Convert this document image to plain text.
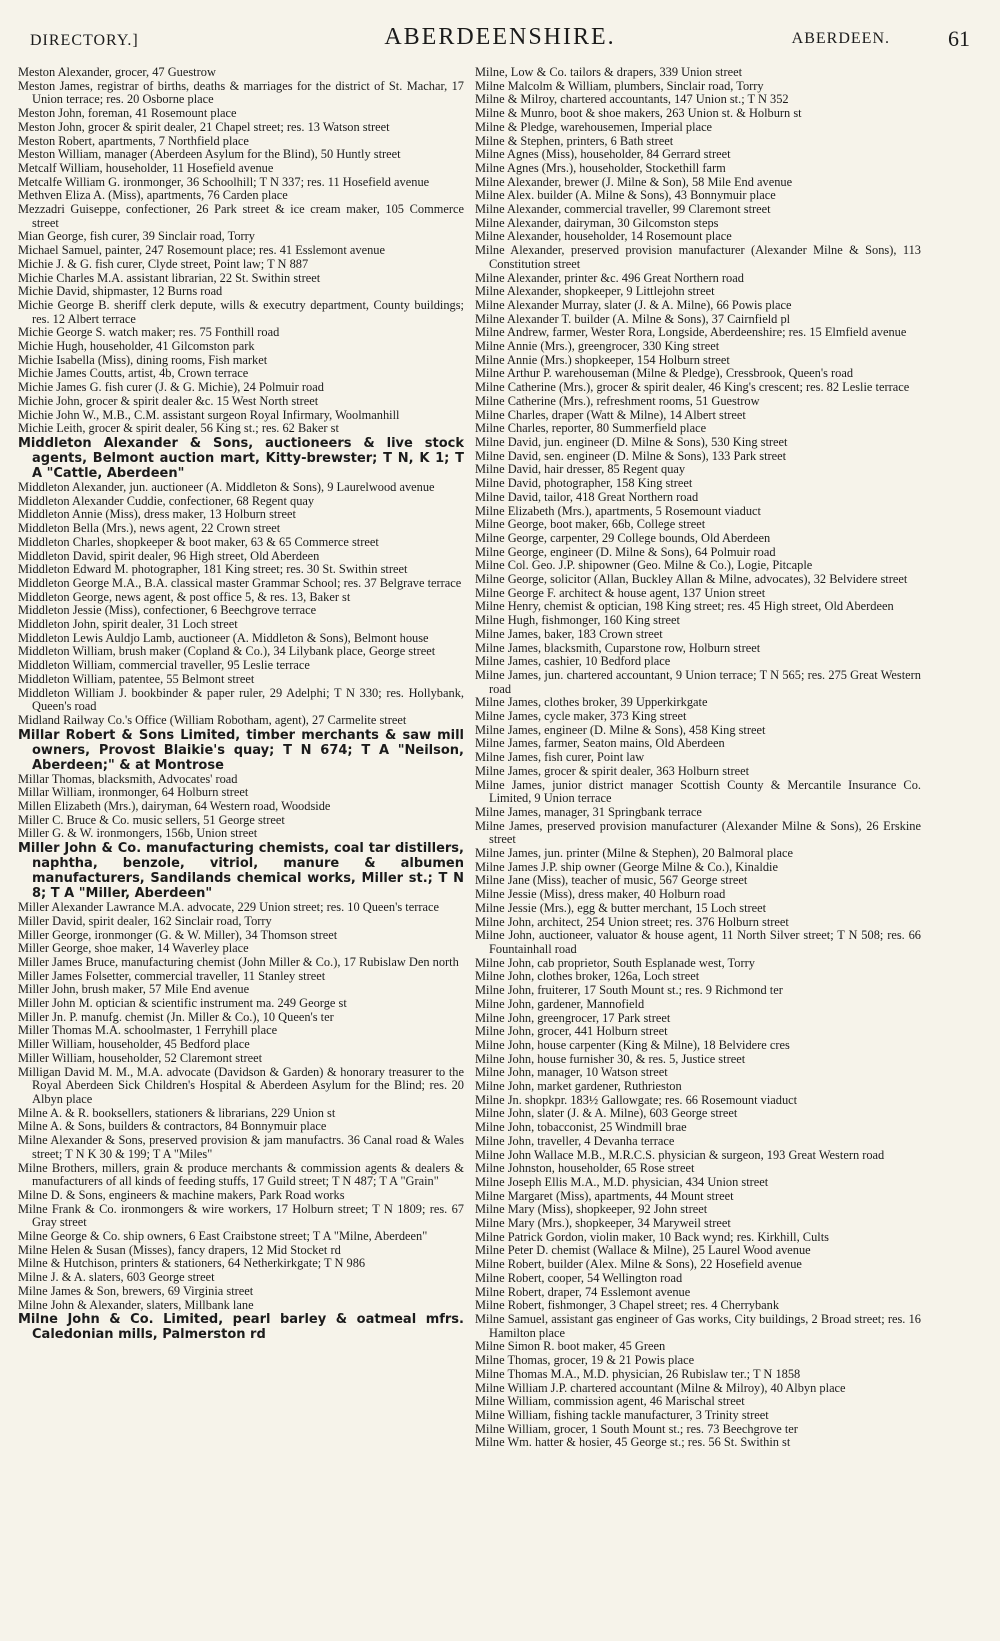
DIRECTORY.]	ABERDEENSHIRE.	ABERDEEN.	61

Meston Alexander, grocer, 47 Guestrow

Meston James, registrar of births, deaths & marriages for the district of St. Machar, 17 Union terrace; res. 20 Osborne place

Meston John, foreman, 41 Rosemount place

Meston John, grocer & spirit dealer, 21 Chapel street; res. 13 Watson street

Meston Robert, apartments, 7 Northfield place

Meston William, manager (Aberdeen Asylum for the Blind), 50 Huntly street

Metcalf William, householder, 11 Hosefield avenue

Metcalfe William G. ironmonger, 36 Schoolhill; T N 337; res. 11 Hosefield avenue

Methven Eliza A. (Miss), apartments, 76 Carden place

Mezzadri Guiseppe, confectioner, 26 Park street & ice cream maker, 105 Commerce street

Mian George, fish curer, 39 Sinclair road, Torry

Michael Samuel, painter, 247 Rosemount place; res. 41 Esslemont avenue

Michie J. & G. fish curer, Clyde street, Point law; T N 887

Michie Charles M.A. assistant librarian, 22 St. Swithin street

Michie David, shipmaster, 12 Burns road

Michie George B. sheriff clerk depute, wills & executry department, County buildings; res. 12 Albert terrace

Michie George S. watch maker; res. 75 Fonthill road

Michie Hugh, householder, 41 Gilcomston park

Michie Isabella (Miss), dining rooms, Fish market

Michie James Coutts, artist, 4b, Crown terrace

Michie James G. fish curer (J. & G. Michie), 24 Polmuir road

Michie John, grocer & spirit dealer &c. 15 West North street

Michie John W., M.B., C.M. assistant surgeon Royal Infirmary, Woolmanhill

Michie Leith, grocer & spirit dealer, 56 King st.; res. 62 Baker st

Middleton Alexander & Sons, auctioneers & live stock agents, Belmont auction mart, Kitty-brewster; T N, K 1; T A "Cattle, Aberdeen"

Middleton Alexander, jun. auctioneer (A. Middleton & Sons), 9 Laurelwood avenue

Middleton Alexander Cuddie, confectioner, 68 Regent quay

Middleton Annie (Miss), dress maker, 13 Holburn street

Middleton Bella (Mrs.), news agent, 22 Crown street

Middleton Charles, shopkeeper & boot maker, 63 & 65 Commerce street

Middleton David, spirit dealer, 96 High street, Old Aberdeen

Middleton Edward M. photographer, 181 King street; res. 30 St. Swithin street

Middleton George M.A., B.A. classical master Grammar School; res. 37 Belgrave terrace

Middleton George, news agent, & post office 5, & res. 13, Baker st

Middleton Jessie (Miss), confectioner, 6 Beechgrove terrace

Middleton John, spirit dealer, 31 Loch street

Middleton Lewis Auldjo Lamb, auctioneer (A. Middleton & Sons), Belmont house

Middleton William, brush maker (Copland & Co.), 34 Lilybank place, George street

Middleton William, commercial traveller, 95 Leslie terrace

Middleton William, patentee, 55 Belmont street

Middleton William J. bookbinder & paper ruler, 29 Adelphi; T N 330; res. Hollybank, Queen's road

Midland Railway Co.'s Office (William Robotham, agent), 27 Carmelite street

Millar Robert & Sons Limited, timber merchants & saw mill owners, Provost Blaikie's quay; T N 674; T A "Neilson, Aberdeen;" & at Montrose

Millar Thomas, blacksmith, Advocates' road

Millar William, ironmonger, 64 Holburn street

Millen Elizabeth (Mrs.), dairyman, 64 Western road, Woodside

Miller C. Bruce & Co. music sellers, 51 George street

Miller G. & W. ironmongers, 156b, Union street

Miller John & Co. manufacturing chemists, coal tar distillers, naphtha, benzole, vitriol, manure & albumen manufacturers, Sandilands chemical works, Miller st.; T N 8; T A "Miller, Aberdeen"

Miller Alexander Lawrance M.A. advocate, 229 Union street; res. 10 Queen's terrace

Miller David, spirit dealer, 162 Sinclair road, Torry

Miller George, ironmonger (G. & W. Miller), 34 Thomson street

Miller George, shoe maker, 14 Waverley place

Miller James Bruce, manufacturing chemist (John Miller & Co.), 17 Rubislaw Den north

Miller James Folsetter, commercial traveller, 11 Stanley street

Miller John, brush maker, 57 Mile End avenue

Miller John M. optician & scientific instrument ma. 249 George st

Miller Jn. P. manufg. chemist (Jn. Miller & Co.), 10 Queen's ter

Miller Thomas M.A. schoolmaster, 1 Ferryhill place

Miller William, householder, 45 Bedford place

Miller William, householder, 52 Claremont street

Milligan David M. M., M.A. advocate (Davidson & Garden) & honorary treasurer to the Royal Aberdeen Sick Children's Hospital & Aberdeen Asylum for the Blind; res. 20 Albyn place

Milne A. & R. booksellers, stationers & librarians, 229 Union st

Milne A. & Sons, builders & contractors, 84 Bonnymuir place

Milne Alexander & Sons, preserved provision & jam manufactrs. 36 Canal road & Wales street; T N K 30 & 199; T A "Miles"

Milne Brothers, millers, grain & produce merchants & commission agents & dealers & manufacturers of all kinds of feeding stuffs, 17 Guild street; T N 487; T A "Grain"

Milne D. & Sons, engineers & machine makers, Park Road works

Milne Frank & Co. ironmongers & wire workers, 17 Holburn street; T N 1809; res. 67 Gray street

Milne George & Co. ship owners, 6 East Craibstone street; T A "Milne, Aberdeen"

Milne Helen & Susan (Misses), fancy drapers, 12 Mid Stocket rd

Milne & Hutchison, printers & stationers, 64 Netherkirkgate; T N 986

Milne J. & A. slaters, 603 George street

Milne James & Son, brewers, 69 Virginia street

Milne John & Alexander, slaters, Millbank lane

Milne John & Co. Limited, pearl barley & oatmeal mfrs. Caledonian mills, Palmerston rd

Milne, Low & Co. tailors & drapers, 339 Union street

Milne Malcolm & William, plumbers, Sinclair road, Torry

Milne & Milroy, chartered accountants, 147 Union st.; T N 352

Milne & Munro, boot & shoe makers, 263 Union st. & Holburn st

Milne & Pledge, warehousemen, Imperial place

Milne & Stephen, printers, 6 Bath street

Milne Agnes (Miss), householder, 84 Gerrard street

Milne Agnes (Mrs.), householder, Stockethill farm

Milne Alexander, brewer (J. Milne & Son), 58 Mile End avenue

Milne Alex. builder (A. Milne & Sons), 43 Bonnymuir place

Milne Alexander, commercial traveller, 99 Claremont street

Milne Alexander, dairyman, 30 Gilcomston steps

Milne Alexander, householder, 14 Rosemount place

Milne Alexander, preserved provision manufacturer (Alexander Milne & Sons), 113 Constitution street

Milne Alexander, printer &c. 496 Great Northern road

Milne Alexander, shopkeeper, 9 Littlejohn street

Milne Alexander Murray, slater (J. & A. Milne), 66 Powis place

Milne Alexander T. builder (A. Milne & Sons), 37 Cairnfield pl

Milne Andrew, farmer, Wester Rora, Longside, Aberdeenshire; res. 15 Elmfield avenue

Milne Annie (Mrs.), greengrocer, 330 King street

Milne Annie (Mrs.) shopkeeper, 154 Holburn street

Milne Arthur P. warehouseman (Milne & Pledge), Cressbrook, Queen's road

Milne Catherine (Mrs.), grocer & spirit dealer, 46 King's crescent; res. 82 Leslie terrace

Milne Catherine (Mrs.), refreshment rooms, 51 Guestrow

Milne Charles, draper (Watt & Milne), 14 Albert street

Milne Charles, reporter, 80 Summerfield place

Milne David, jun. engineer (D. Milne & Sons), 530 King street

Milne David, sen. engineer (D. Milne & Sons), 133 Park street

Milne David, hair dresser, 85 Regent quay

Milne David, photographer, 158 King street

Milne David, tailor, 418 Great Northern road

Milne Elizabeth (Mrs.), apartments, 5 Rosemount viaduct

Milne George, boot maker, 66b, College street

Milne George, carpenter, 29 College bounds, Old Aberdeen

Milne George, engineer (D. Milne & Sons), 64 Polmuir road

Milne Col. Geo. J.P. shipowner (Geo. Milne & Co.), Logie, Pitcaple

Milne George, solicitor (Allan, Buckley Allan & Milne, advocates), 32 Belvidere street

Milne George F. architect & house agent, 137 Union street

Milne Henry, chemist & optician, 198 King street; res. 45 High street, Old Aberdeen

Milne Hugh, fishmonger, 160 King street

Milne James, baker, 183 Crown street

Milne James, blacksmith, Cuparstone row, Holburn street

Milne James, cashier, 10 Bedford place

Milne James, jun. chartered accountant, 9 Union terrace; T N 565; res. 275 Great Western road

Milne James, clothes broker, 39 Upperkirkgate

Milne James, cycle maker, 373 King street

Milne James, engineer (D. Milne & Sons), 458 King street

Milne James, farmer, Seaton mains, Old Aberdeen

Milne James, fish curer, Point law

Milne James, grocer & spirit dealer, 363 Holburn street

Milne James, junior district manager Scottish County & Mercantile Insurance Co. Limited, 9 Union terrace

Milne James, manager, 31 Springbank terrace

Milne James, preserved provision manufacturer (Alexander Milne & Sons), 26 Erskine street

Milne James, jun. printer (Milne & Stephen), 20 Balmoral place

Milne James J.P. ship owner (George Milne & Co.), Kinaldie

Milne Jane (Miss), teacher of music, 567 George street

Milne Jessie (Miss), dress maker, 40 Holburn road

Milne Jessie (Mrs.), egg & butter merchant, 15 Loch street

Milne John, architect, 254 Union street; res. 376 Holburn street

Milne John, auctioneer, valuator & house agent, 11 North Silver street; T N 508; res. 66 Fountainhall road

Milne John, cab proprietor, South Esplanade west, Torry

Milne John, clothes broker, 126a, Loch street

Milne John, fruiterer, 17 South Mount st.; res. 9 Richmond ter

Milne John, gardener, Mannofield

Milne John, greengrocer, 17 Park street

Milne John, grocer, 441 Holburn street

Milne John, house carpenter (King & Milne), 18 Belvidere cres

Milne John, house furnisher 30, & res. 5, Justice street

Milne John, manager, 10 Watson street

Milne John, market gardener, Ruthrieston

Milne Jn. shopkpr. 183½ Gallowgate; res. 66 Rosemount viaduct

Milne John, slater (J. & A. Milne), 603 George street

Milne John, tobacconist, 25 Windmill brae

Milne John, traveller, 4 Devanha terrace

Milne John Wallace M.B., M.R.C.S. physician & surgeon, 193 Great Western road

Milne Johnston, householder, 65 Rose street

Milne Joseph Ellis M.A., M.D. physician, 434 Union street

Milne Margaret (Miss), apartments, 44 Mount street

Milne Mary (Miss), shopkeeper, 92 John street

Milne Mary (Mrs.), shopkeeper, 34 Maryweil street

Milne Patrick Gordon, violin maker, 10 Back wynd; res. Kirkhill, Cults

Milne Peter D. chemist (Wallace & Milne), 25 Laurel Wood avenue

Milne Robert, builder (Alex. Milne & Sons), 22 Hosefield avenue

Milne Robert, cooper, 54 Wellington road

Milne Robert, draper, 74 Esslemont avenue

Milne Robert, fishmonger, 3 Chapel street; res. 4 Cherrybank

Milne Samuel, assistant gas engineer of Gas works, City buildings, 2 Broad street; res. 16 Hamilton place

Milne Simon R. boot maker, 45 Green

Milne Thomas, grocer, 19 & 21 Powis place

Milne Thomas M.A., M.D. physician, 26 Rubislaw ter.; T N 1858

Milne William J.P. chartered accountant (Milne & Milroy), 40 Albyn place

Milne William, commission agent, 46 Marischal street

Milne William, fishing tackle manufacturer, 3 Trinity street

Milne William, grocer, 1 South Mount st.; res. 73 Beechgrove ter

Milne Wm. hatter & hosier, 45 George st.; res. 56 St. Swithin st
